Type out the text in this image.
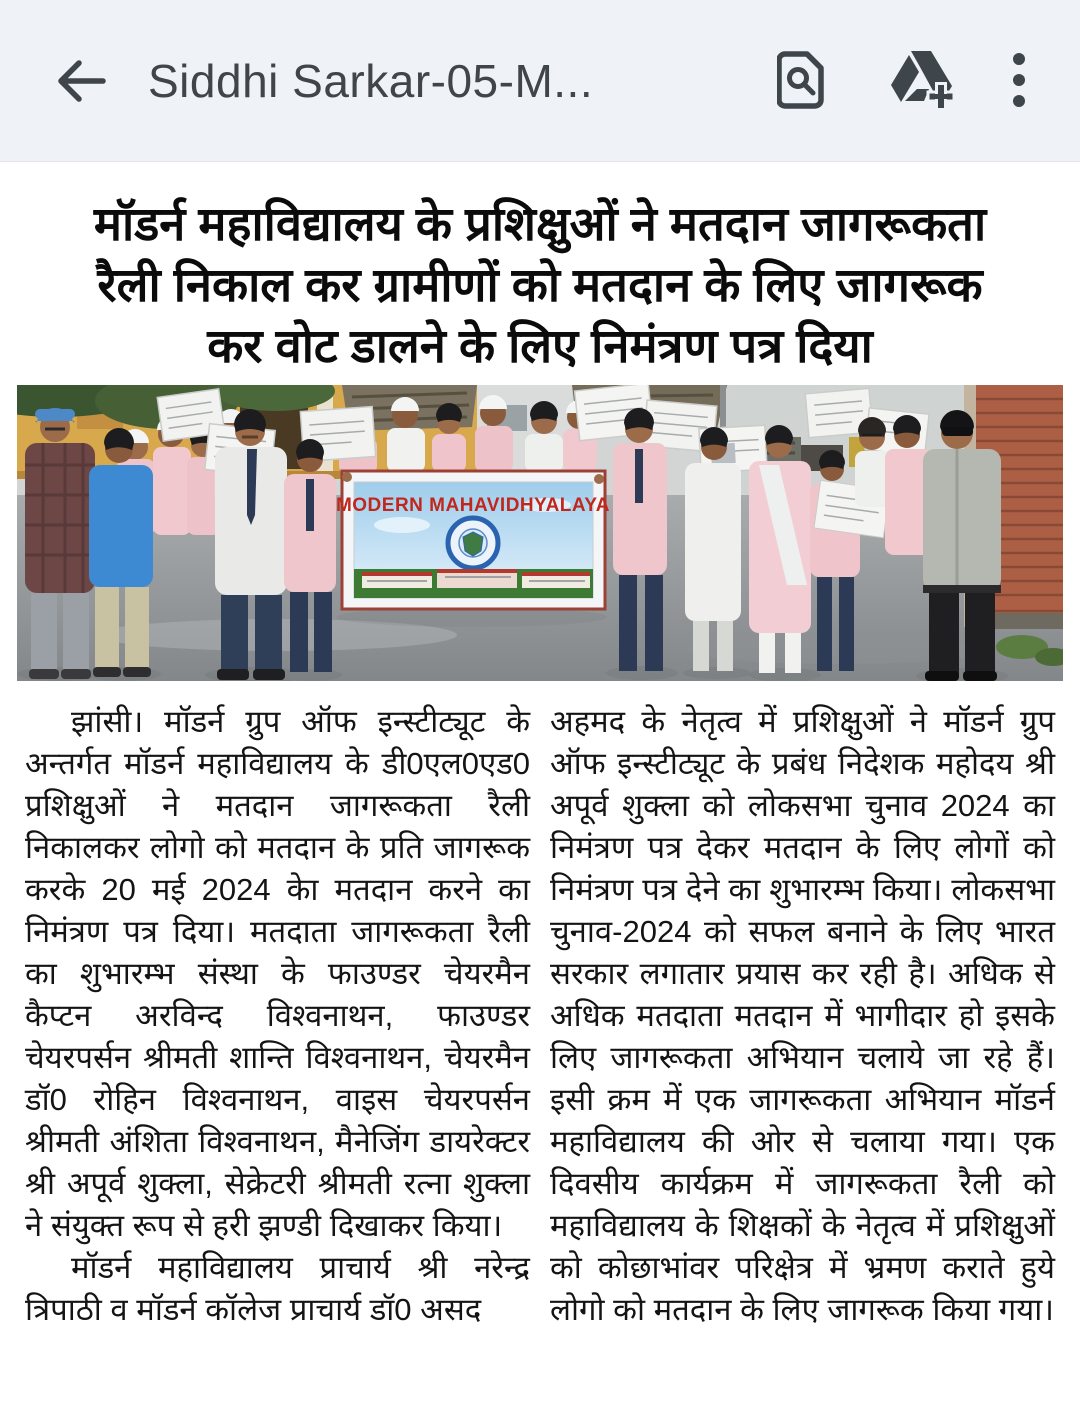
Siddhi Sarkar-05-M...
मॉडर्न महाविद्यालय के प्रशिक्षुओं ने मतदान जागरूकता
रैली निकाल कर ग्रामीणों को मतदान के लिए जागरूक
कर वोट डालने के लिए निमंत्रण पत्र दिया
MODERN MAHAVIDHYALAYA

झांसी। मॉडर्न ग्रुप ऑफ इन्स्टीट्यूट के अन्तर्गत मॉडर्न महाविद्यालय के डी0एल0एड0 प्रशिक्षुओं ने मतदान जागरूकता रैली निकालकर लोगो को मतदान के प्रति जागरूक करके 20 मई 2024 केा मतदान करने का निमंत्रण पत्र दिया। मतदाता जागरूकता रैली का शुभारम्भ संस्था के फाउण्डर चेयरमैन कैप्टन अरविन्द विश्वनाथन, फाउण्डर चेयरपर्सन श्रीमती शान्ति विश्वनाथन, चेयरमैन डॉ0 रोहिन विश्वनाथन, वाइस चेयरपर्सन श्रीमती अंशिता विश्वनाथन, मैनेजिंग डायरेक्टर श्री अपूर्व शुक्ला, सेक्रेटरी श्रीमती रत्ना शुक्ला ने संयुक्त रूप से हरी झण्डी दिखाकर किया।

मॉडर्न महाविद्यालय प्राचार्य श्री नरेन्द्र त्रिपाठी व मॉडर्न कॉलेज प्राचार्य डॉ0 असद

अहमद के नेतृत्व में प्रशिक्षुओं ने मॉडर्न ग्रुप ऑफ इन्स्टीट्यूट के प्रबंध निदेशक महोदय श्री अपूर्व शुक्ला को लोकसभा चुनाव 2024 का निमंत्रण पत्र देकर मतदान के लिए लोगों को निमंत्रण पत्र देने का शुभारम्भ किया। लोकसभा चुनाव-2024 को सफल बनाने के लिए भारत सरकार लगातार प्रयास कर रही है। अधिक से अधिक मतदाता मतदान में भागीदार हो इसके लिए जागरूकता अभियान चलाये जा रहे हैं। इसी क्रम में एक जागरूकता अभियान मॉडर्न महाविद्यालय की ओर से चलाया गया। एक दिवसीय कार्यक्रम में जागरूकता रैली को महाविद्यालय के शिक्षकों के नेतृत्व में प्रशिक्षुओं को कोछाभांवर परिक्षेत्र में भ्रमण कराते हुये लोगो को मतदान के लिए जागरूक किया गया।
